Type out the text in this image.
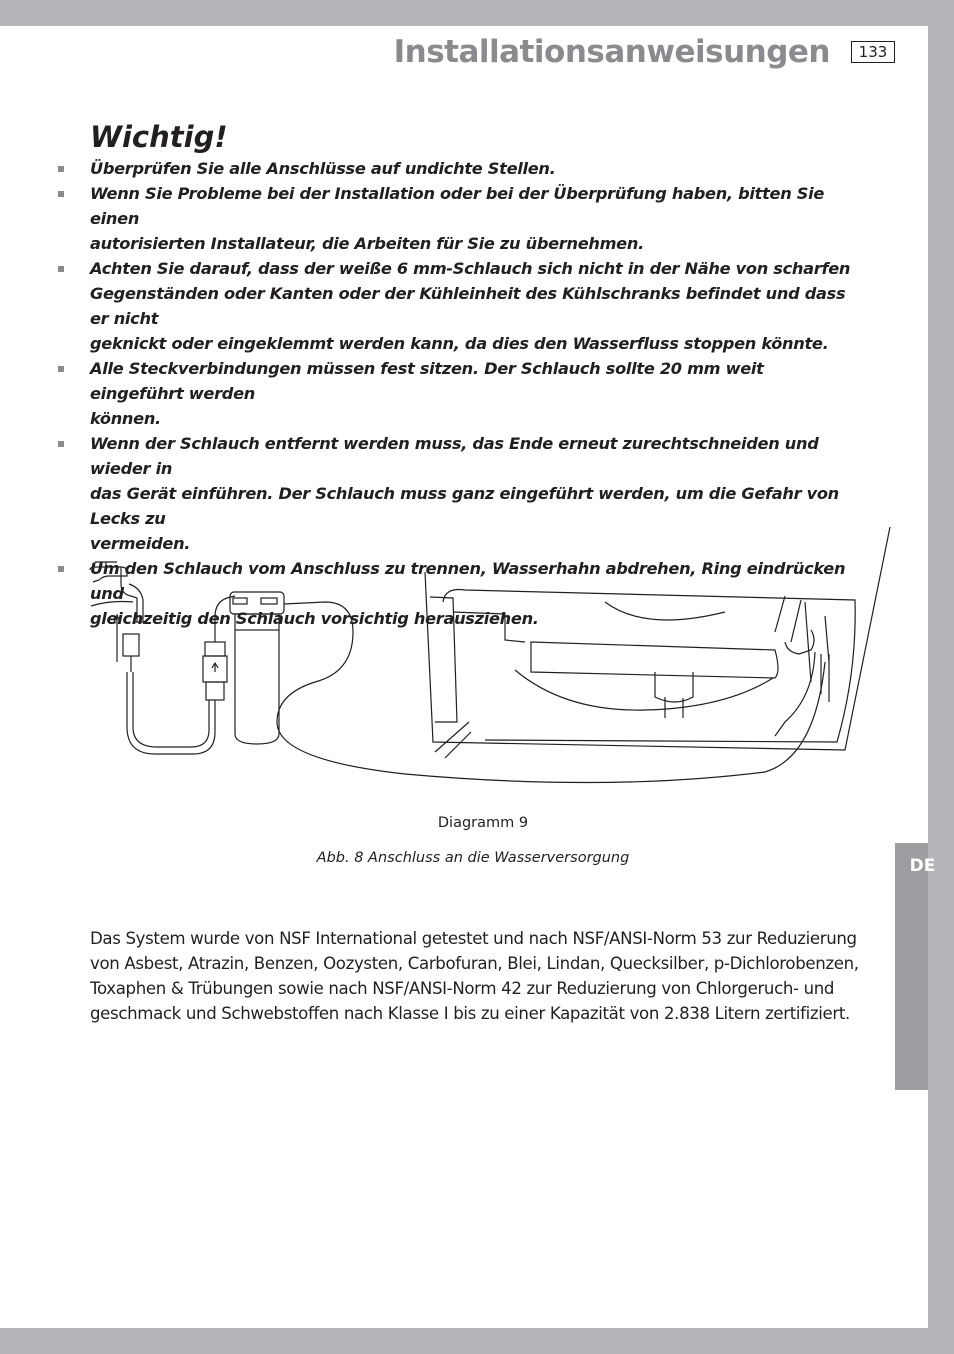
Installationsanweisungen	133
DE
Wichtig!
Überprüfen Sie alle Anschlüsse auf undichte Stellen.
Wenn Sie Probleme bei der Installation oder bei der Überprüfung haben, bitten Sie einen
autorisierten Installateur, die Arbeiten für Sie zu übernehmen.
Achten Sie darauf, dass der weiße 6 mm-Schlauch sich nicht in der Nähe von scharfen
Gegenständen oder Kanten oder der Kühleinheit des Kühlschranks befindet und dass er nicht
geknickt oder eingeklemmt werden kann, da dies den Wasserfluss stoppen könnte.
Alle Steckverbindungen müssen fest sitzen. Der Schlauch sollte 20 mm weit eingeführt werden
können.
Wenn der Schlauch entfernt werden muss, das Ende erneut zurechtschneiden und wieder in
das Gerät einführen. Der Schlauch muss ganz eingeführt werden, um die Gefahr von Lecks zu
vermeiden.
Um den Schlauch vom Anschluss zu trennen, Wasserhahn abdrehen, Ring eindrücken und
gleichzeitig den Schlauch vorsichtig herausziehen.
Diagramm 9
Abb. 8 Anschluss an die Wasserversorgung
Das System wurde von NSF International getestet und nach NSF/ANSI-Norm 53 zur Reduzierung
von Asbest, Atrazin, Benzen, Oozysten, Carbofuran, Blei, Lindan, Quecksilber, p-Dichlorobenzen,
Toxaphen & Trübungen sowie nach NSF/ANSI-Norm 42 zur Reduzierung von Chlorgeruch- und
geschmack und Schwebstoffen nach Klasse I bis zu einer Kapazität von 2.838 Litern zertifiziert.
